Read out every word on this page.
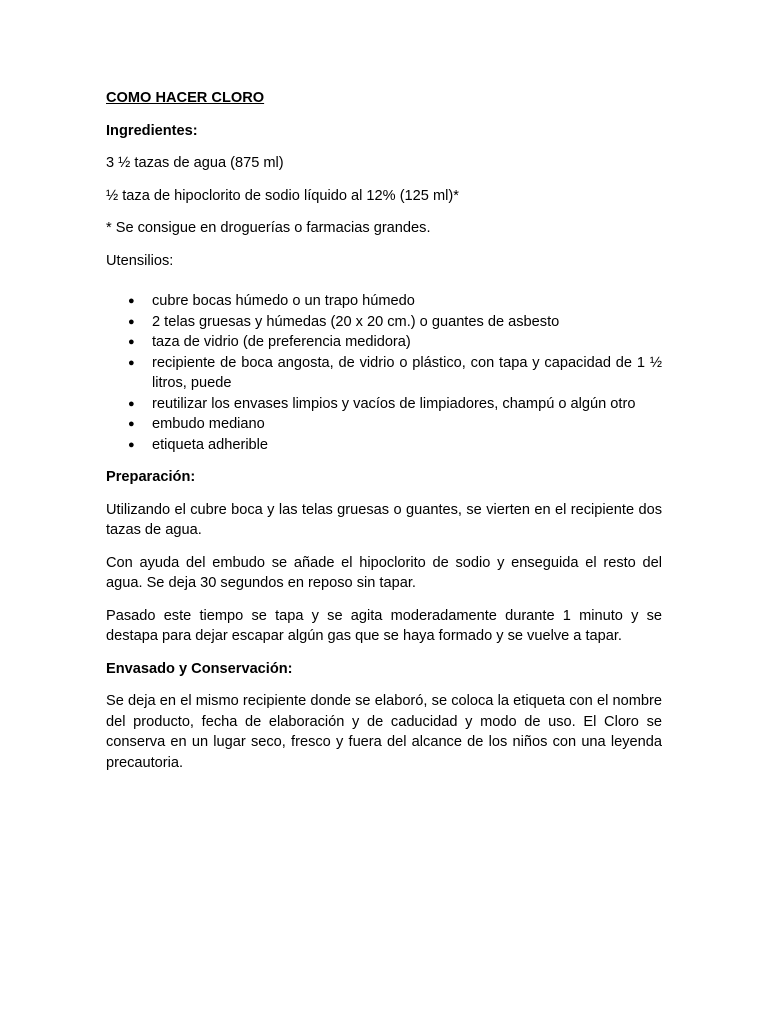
COMO HACER CLORO

Ingredientes:

3 ½ tazas de agua (875 ml)

½ taza de hipoclorito de sodio líquido al 12% (125 ml)*

* Se consigue en droguerías o farmacias grandes.

Utensilios:

● cubre bocas húmedo o un trapo húmedo
● 2 telas gruesas y húmedas (20 x 20 cm.) o guantes de asbesto
● taza de vidrio (de preferencia medidora)
● recipiente de boca angosta, de vidrio o plástico, con tapa y capacidad de 1 ½ litros, puede
● reutilizar los envases limpios y vacíos de limpiadores, champú o algún otro
● embudo mediano
● etiqueta adherible

Preparación:

Utilizando el cubre boca y las telas gruesas o guantes, se vierten en el recipiente dos tazas de agua.

Con ayuda del embudo se añade el hipoclorito de sodio y enseguida el resto del agua. Se deja 30 segundos en reposo sin tapar.

Pasado este tiempo se tapa y se agita moderadamente durante 1 minuto y se destapa para dejar escapar algún gas que se haya formado y se vuelve a tapar.

Envasado y Conservación:

Se deja en el mismo recipiente donde se elaboró, se coloca la etiqueta con el nombre del producto, fecha de elaboración y de caducidad y modo de uso. El Cloro se conserva en un lugar seco, fresco y fuera del alcance de los niños con una leyenda precautoria.
